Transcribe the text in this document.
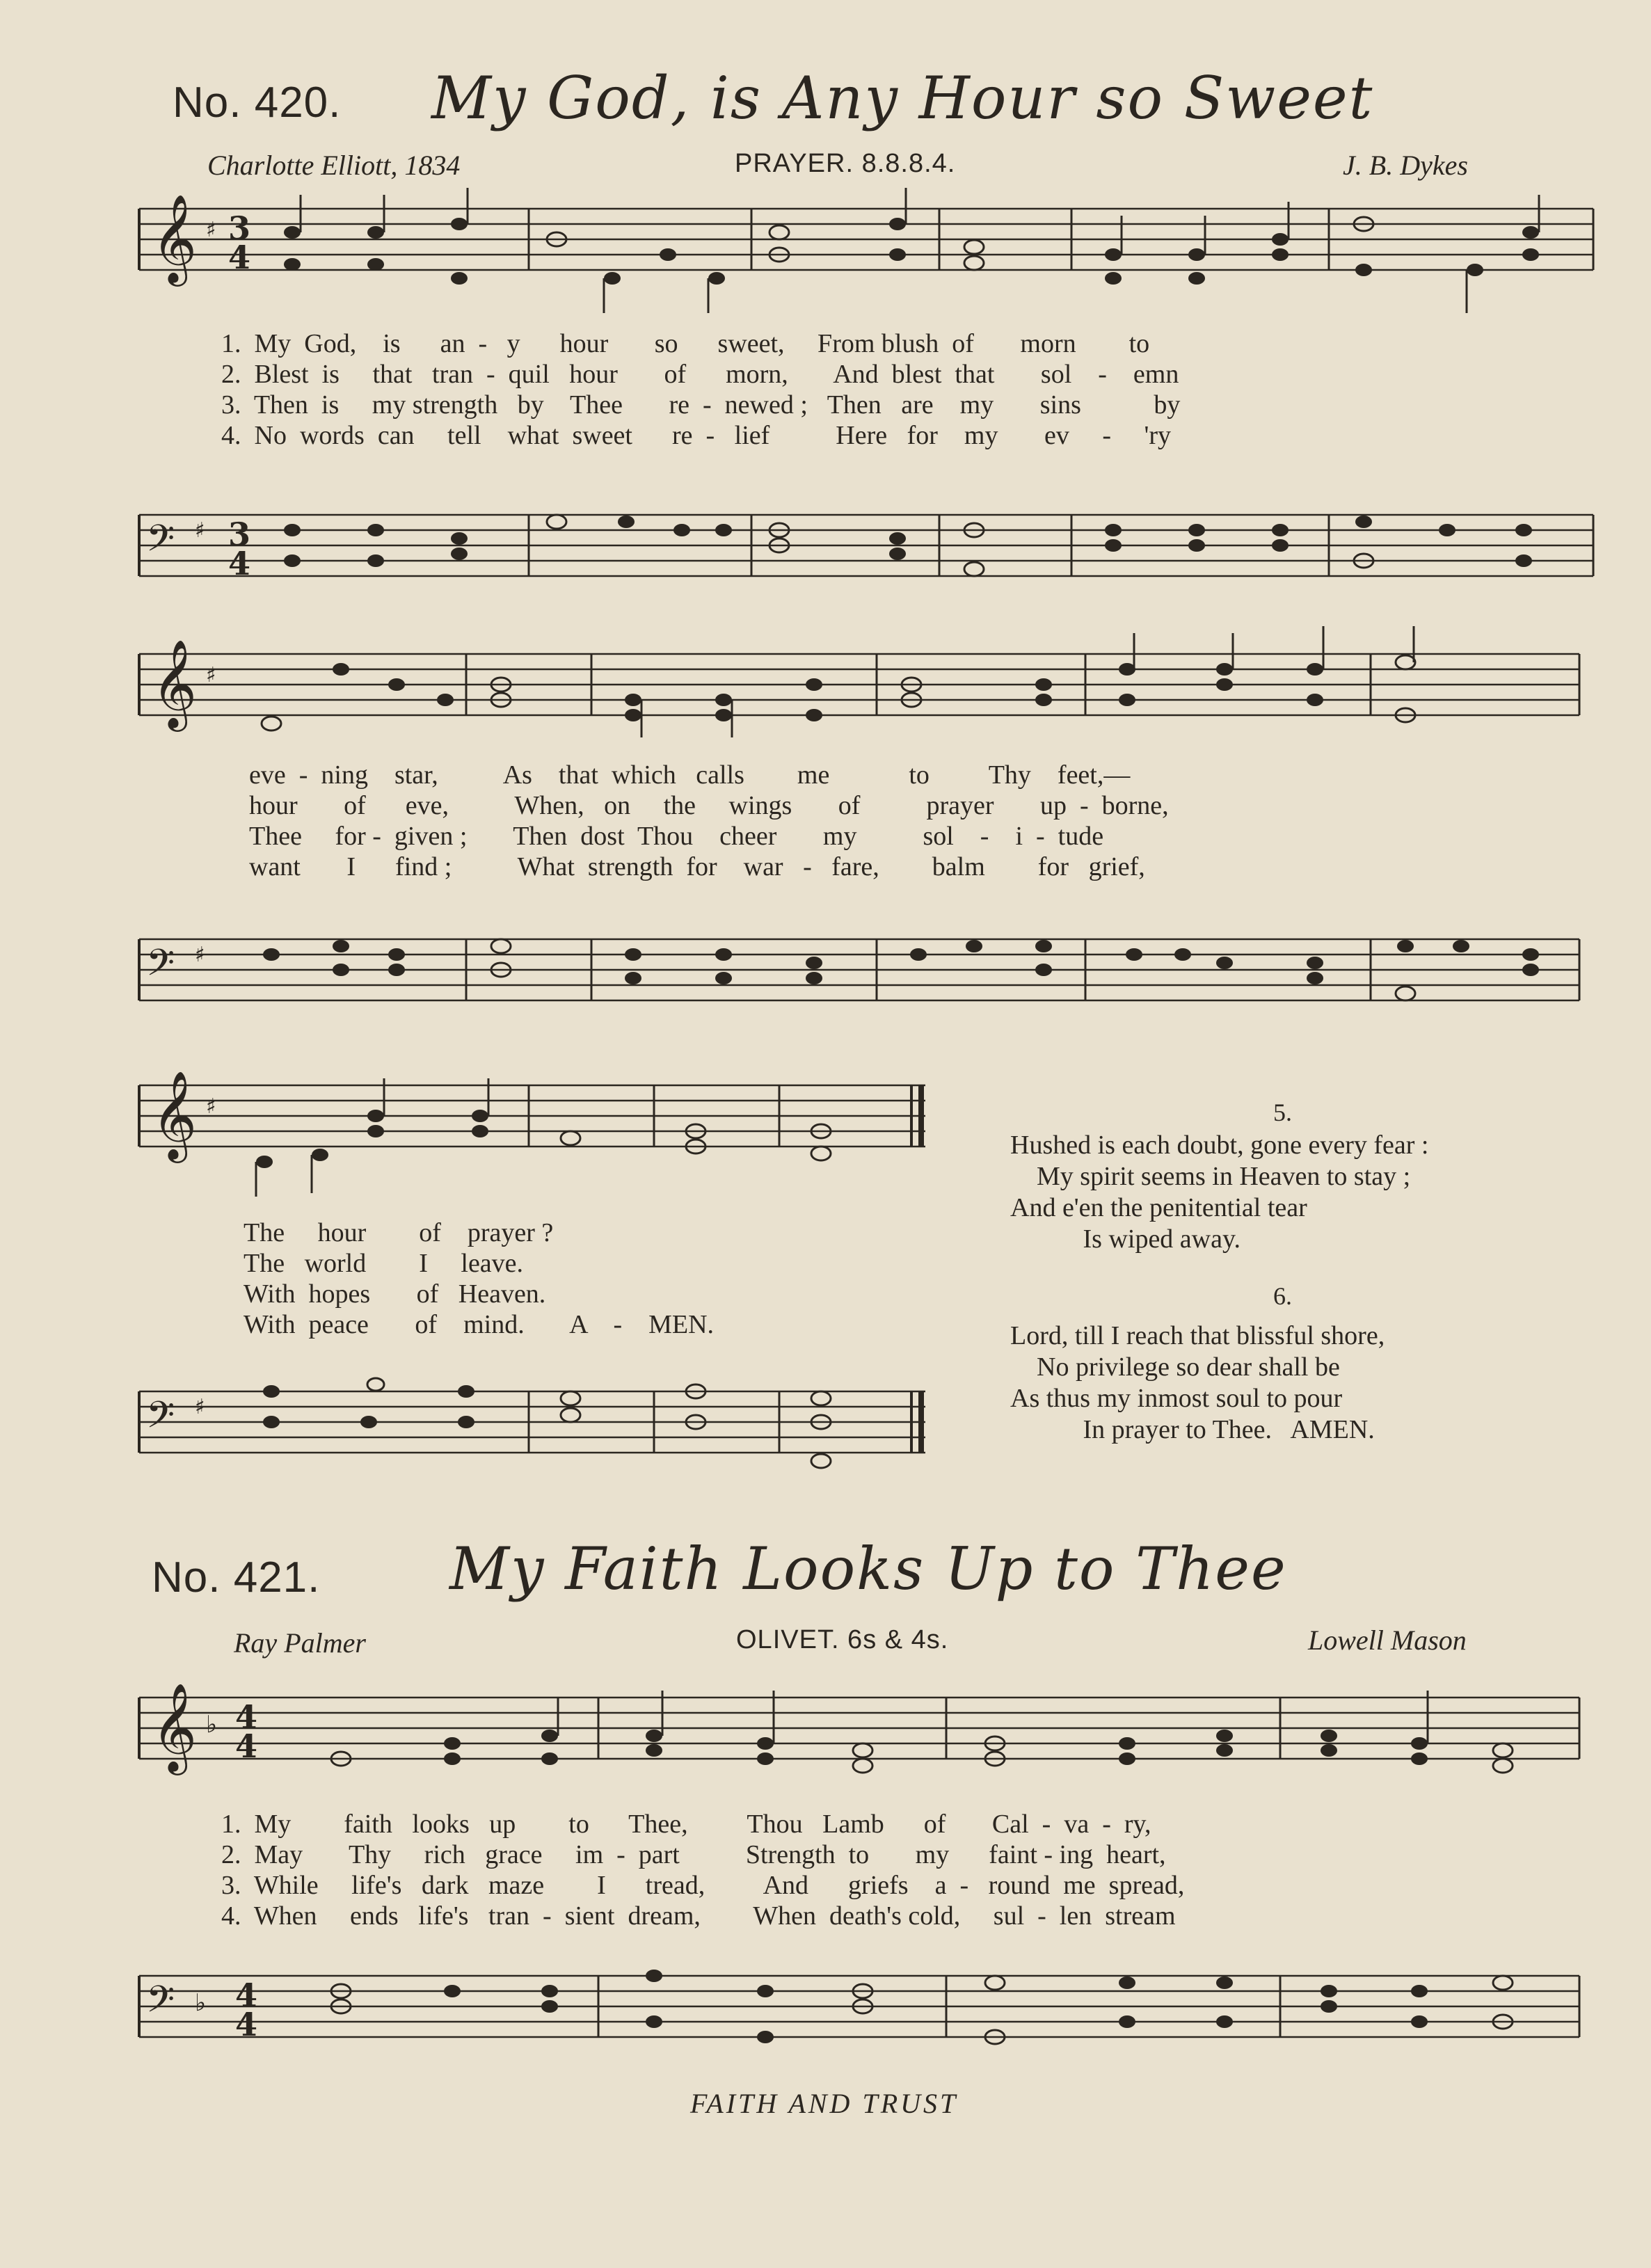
No. 420. My God, is Any Hour so Sweet
Charlotte Elliott, 1834	PRAYER. 8.8.8.4.	J. B. Dykes
𝄞 ♯ 3
4
1.  My  God,    is      an  -   y      hour       so      sweet,     From blush  of       morn        to
2.  Blest  is     that   tran  -  quil   hour       of      morn,       And  blest  that       sol    -    emn
3.  Then  is     my strength   by    Thee       re  -  newed ;   Then   are    my       sins           by
4.  No  words  can     tell    what  sweet      re  -   lief          Here   for    my       ev     -     'ry
𝄢 ♯ 3
4
𝄞 ♯
eve  -  ning    star,          As    that  which   calls        me            to         Thy    feet,—
hour       of      eve,          When,   on     the     wings       of          prayer       up  -  borne,
Thee     for -  given ;       Then  dost  Thou    cheer       my          sol    -    i  -  tude
want       I      find ;          What  strength  for    war   -   fare,        balm        for   grief,
𝄢 ♯
𝄞 ♯
The     hour        of    prayer ?
The   world        I     leave.
With  hopes       of   Heaven.
With  peace       of    mind.       A    -    MEN.
𝄢 ♯
5.
Hushed is each doubt, gone every fear :
My spirit seems in Heaven to stay ;
And e'en the penitential tear
Is wiped away.
6.
Lord, till I reach that blissful shore,
No privilege so dear shall be
As thus my inmost soul to pour
In prayer to Thee.   AMEN.
No. 421. My Faith Looks Up to Thee
Ray Palmer	OLIVET. 6s & 4s.	Lowell Mason
𝄞 ♭ 4
4
1.  My        faith   looks   up        to      Thee,         Thou   Lamb      of       Cal  -  va  -  ry,
2.  May       Thy     rich   grace     im  -  part          Strength  to       my      faint - ing  heart,
3.  While     life's   dark   maze        I      tread,         And      griefs    a  -   round  me  spread,
4.  When     ends   life's   tran  -  sient  dream,        When  death's cold,     sul  -  len  stream
𝄢 ♭ 4
4
FAITH AND TRUST
